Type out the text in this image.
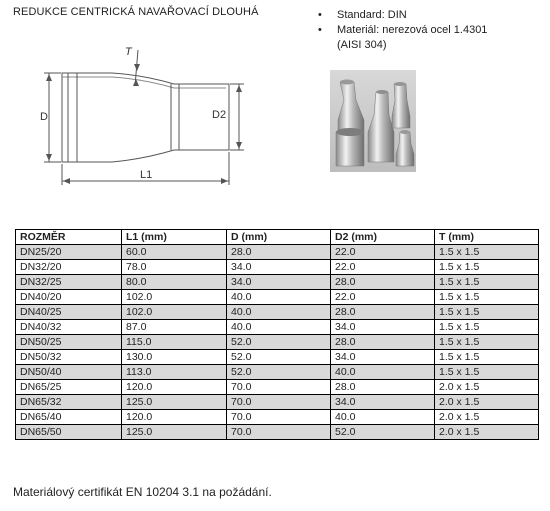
REDUKCE CENTRICKÁ NAVAŘOVACÍ DLOUHÁ	• Standard: DIN
• Materiál: nerezová ocel 1.4301
(AISI 304)
T
D	D2
L1
ROZMĚR	L1 (mm)	D (mm)	D2 (mm)	T (mm)
DN25/20	60.0	28.0	22.0	1.5 x 1.5
DN32/20	78.0	34.0	22.0	1.5 x 1.5
DN32/25	80.0	34.0	28.0	1.5 x 1.5
DN40/20	102.0	40.0	22.0	1.5 x 1.5
DN40/25	102.0	40.0	28.0	1.5 x 1.5
DN40/32	87.0	40.0	34.0	1.5 x 1.5
DN50/25	115.0	52.0	28.0	1.5 x 1.5
DN50/32	130.0	52.0	34.0	1.5 x 1.5
DN50/40	113.0	52.0	40.0	1.5 x 1.5
DN65/25	120.0	70.0	28.0	2.0 x 1.5
DN65/32	125.0	70.0	34.0	2.0 x 1.5
DN65/40	120.0	70.0	40.0	2.0 x 1.5
DN65/50	125.0	70.0	52.0	2.0 x 1.5
Materiálový certifikát EN 10204 3.1 na požádání.
